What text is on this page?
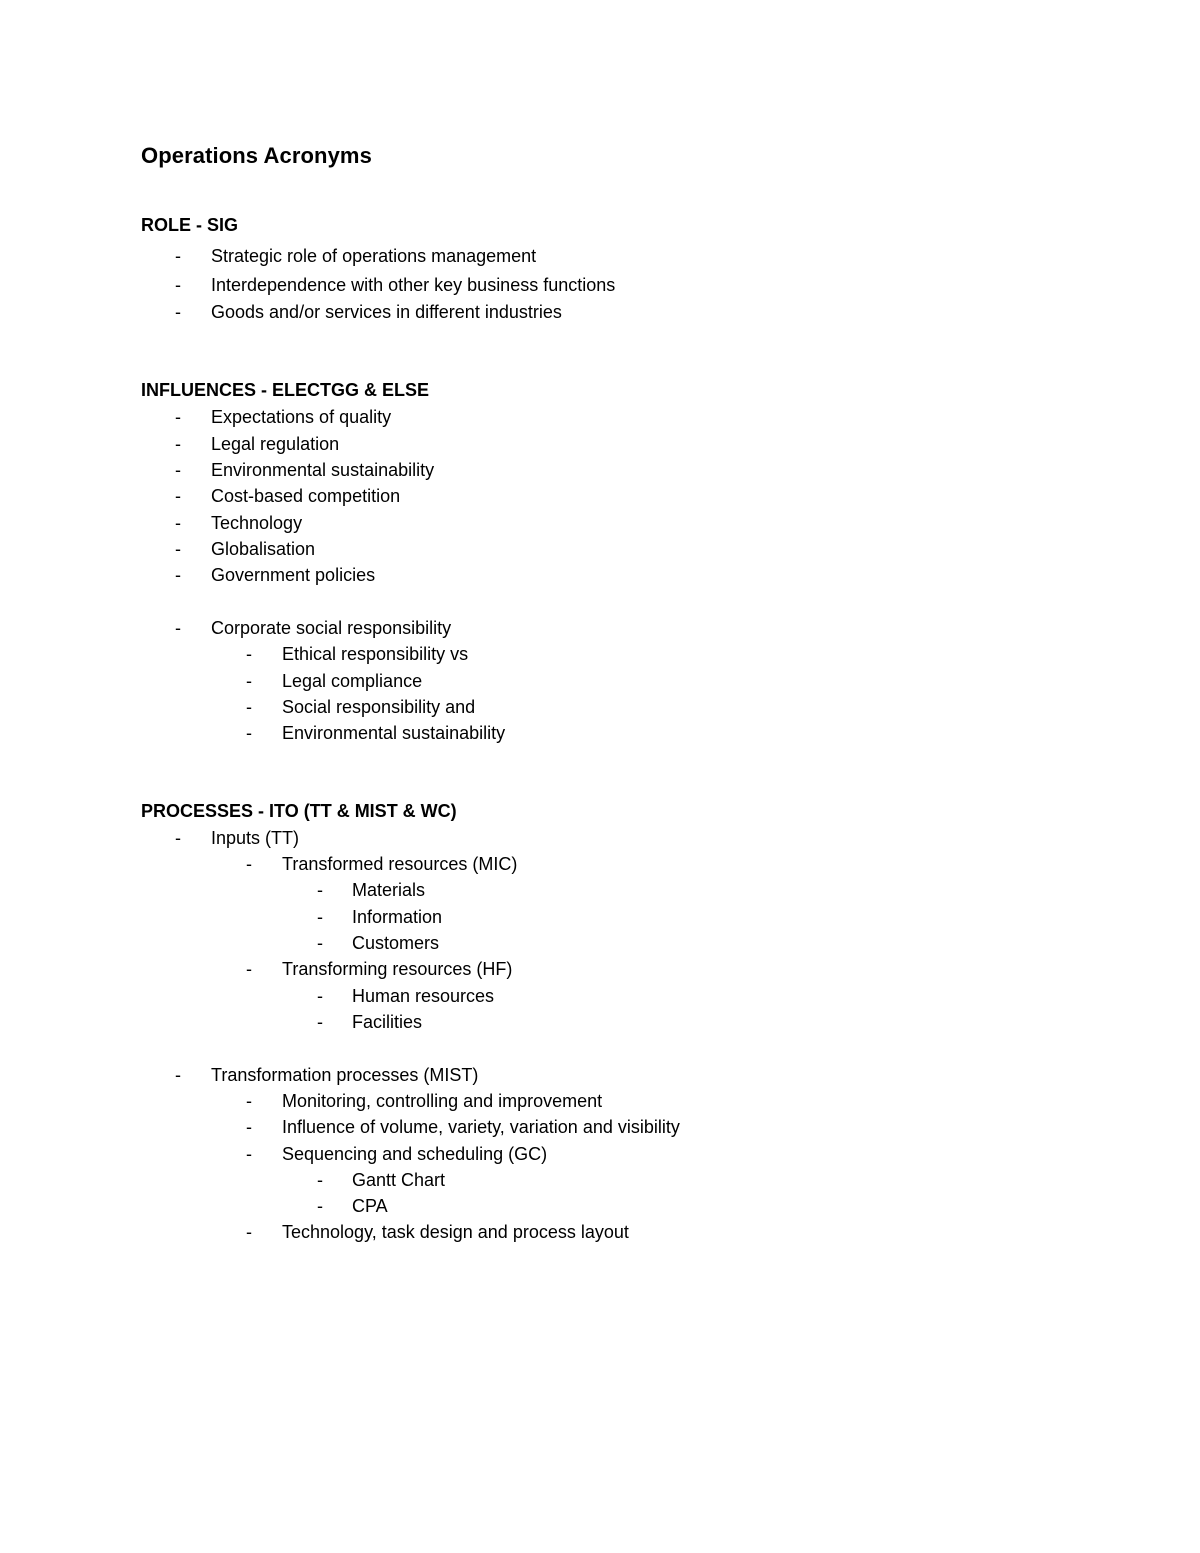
Operations Acronyms
ROLE - SIG
- Strategic role of operations management
- Interdependence with other key business functions
- Goods and/or services in different industries
INFLUENCES - ELECTGG & ELSE
- Expectations of quality
- Legal regulation
- Environmental sustainability
- Cost-based competition
- Technology
- Globalisation
- Government policies
- Corporate social responsibility
- Ethical responsibility vs
- Legal compliance
- Social responsibility and
- Environmental sustainability
PROCESSES - ITO (TT & MIST & WC)
- Inputs (TT)
- Transformed resources (MIC)
- Materials
- Information
- Customers
- Transforming resources (HF)
- Human resources
- Facilities
- Transformation processes (MIST)
- Monitoring, controlling and improvement
- Influence of volume, variety, variation and visibility
- Sequencing and scheduling (GC)
- Gantt Chart
- CPA
- Technology, task design and process layout
